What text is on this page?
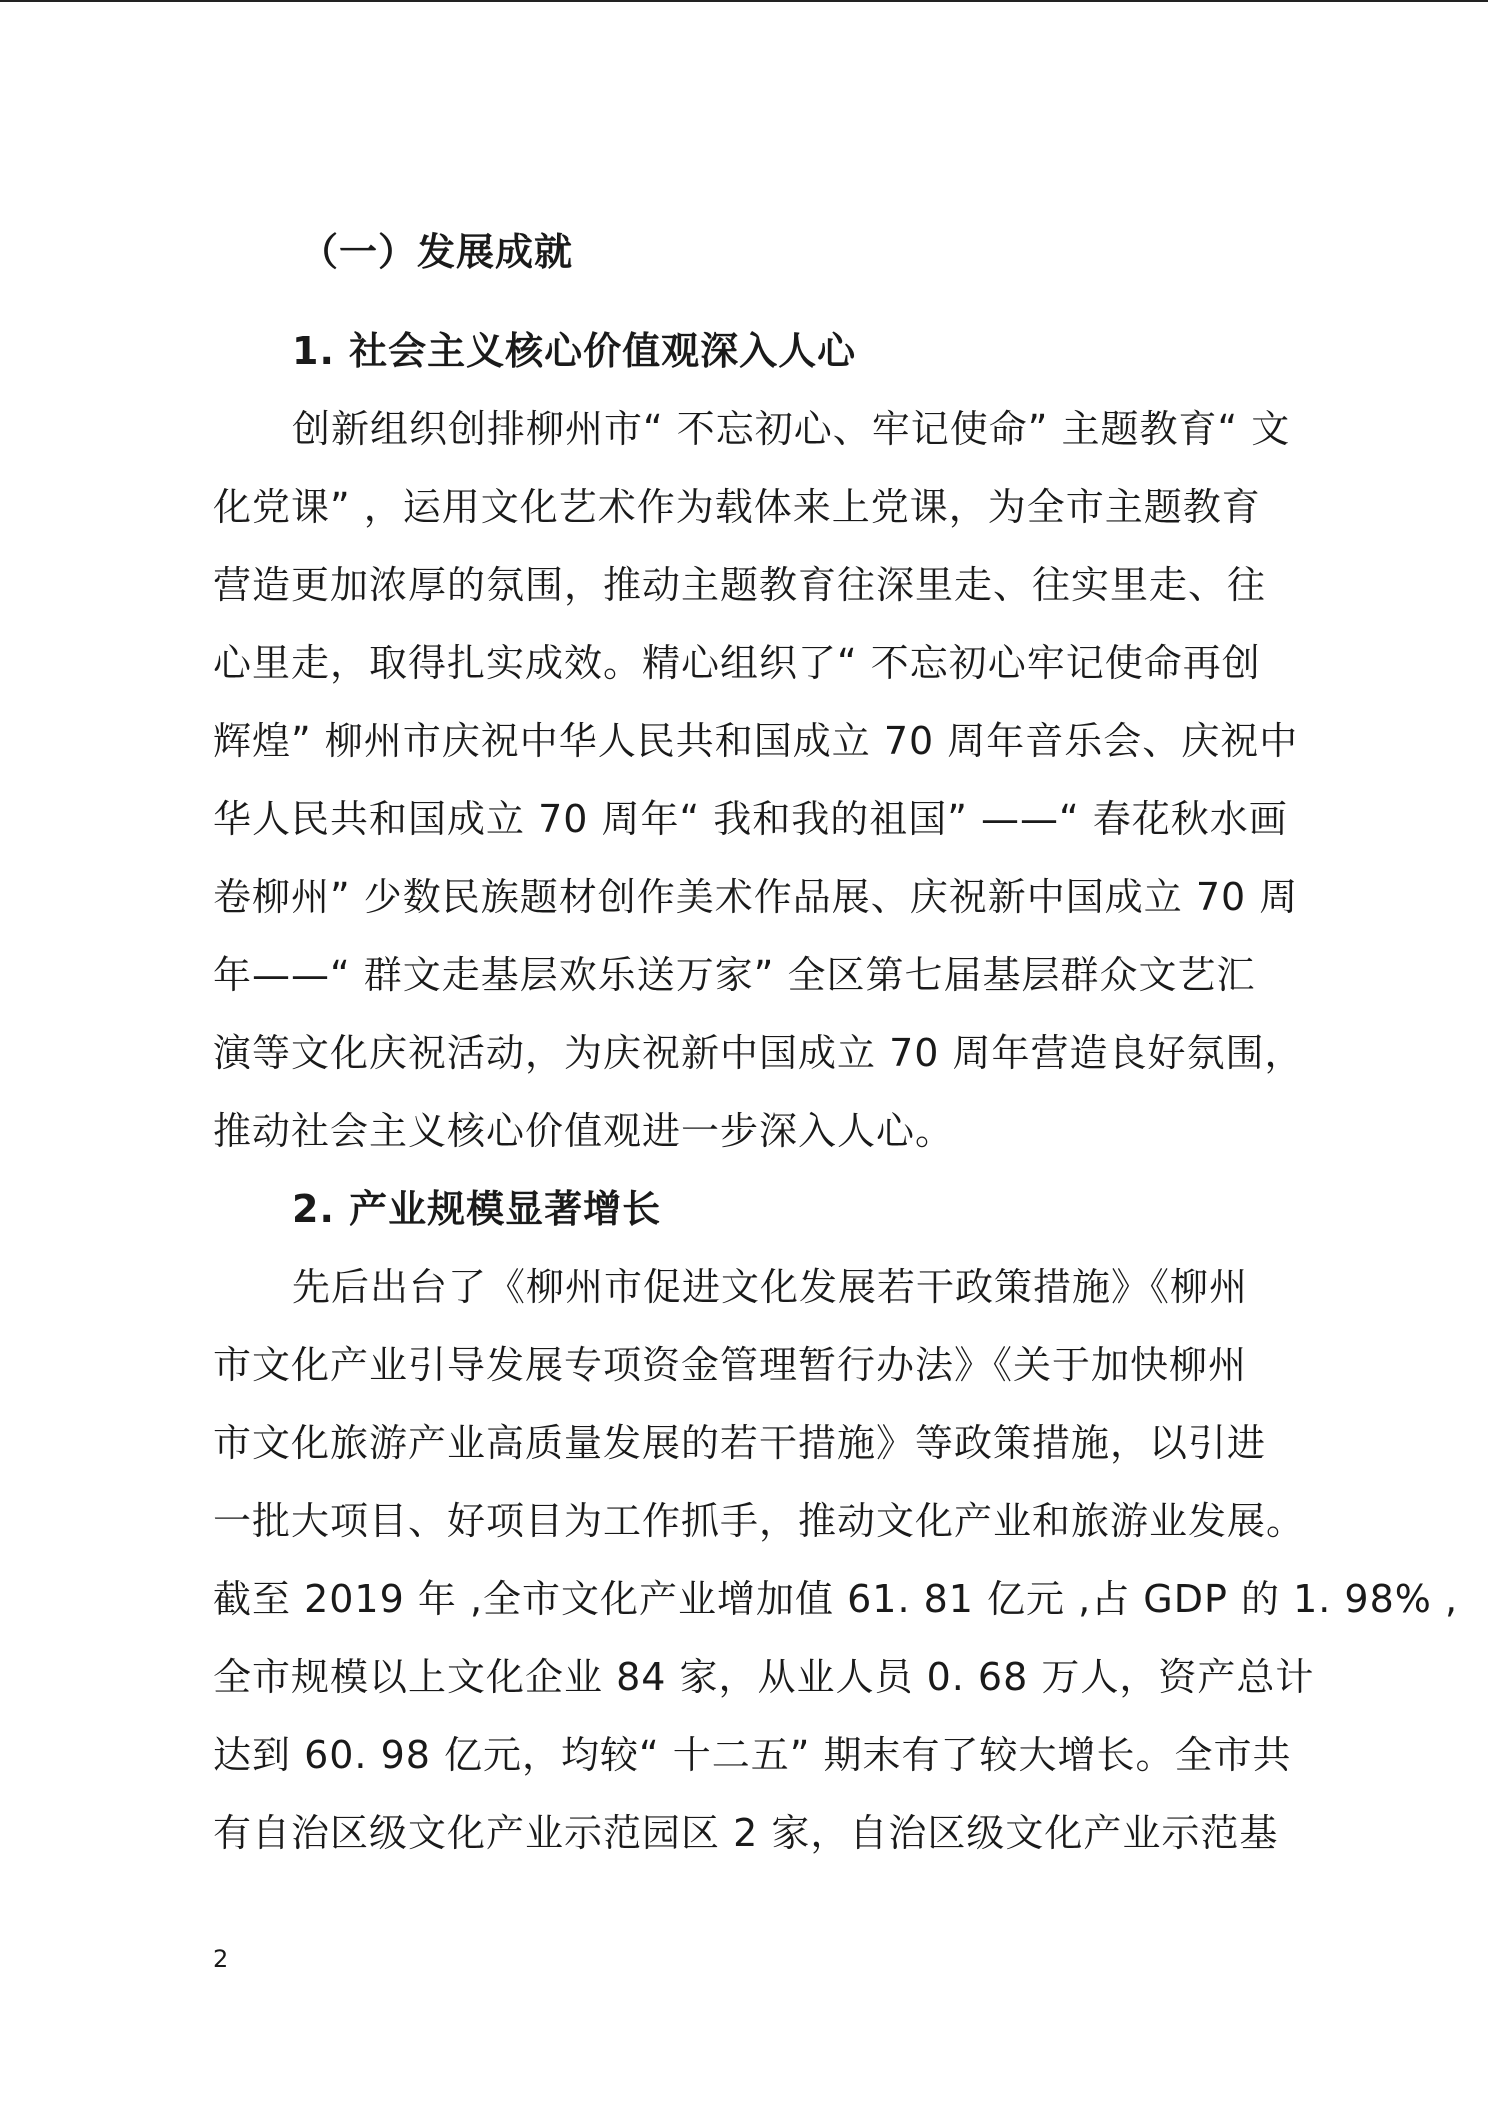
（一）发展成就
1. 社会主义核心价值观深入人心
创新组织创排柳州市“ 不忘初心、牢记使命” 主题教育“ 文
化党课” ，运用文化艺术作为载体来上党课，为全市主题教育
营造更加浓厚的氛围，推动主题教育往深里走、往实里走、往
心里走，取得扎实成效。精心组织了“ 不忘初心牢记使命再创
辉煌” 柳州市庆祝中华人民共和国成立 70 周年音乐会、庆祝中
华人民共和国成立 70 周年“ 我和我的祖国” ——“ 春花秋水画
卷柳州” 少数民族题材创作美术作品展、庆祝新中国成立 70 周
年——“ 群文走基层欢乐送万家” 全区第七届基层群众文艺汇
演等文化庆祝活动，为庆祝新中国成立 70 周年营造良好氛围，
推动社会主义核心价值观进一步深入人心。
2. 产业规模显著增长
先后出台了《柳州市促进文化发展若干政策措施》《柳州
市文化产业引导发展专项资金管理暂行办法》《关于加快柳州
市文化旅游产业高质量发展的若干措施》等政策措施，以引进
一批大项目、好项目为工作抓手，推动文化产业和旅游业发展。
截至 2019 年 ,全市文化产业增加值 61. 81 亿元 ,占 GDP 的 1. 98% ,
全市规模以上文化企业 84 家，从业人员 0. 68 万人，资产总计
达到 60. 98 亿元，均较“ 十二五” 期末有了较大增长。全市共
有自治区级文化产业示范园区 2 家，自治区级文化产业示范基
2
